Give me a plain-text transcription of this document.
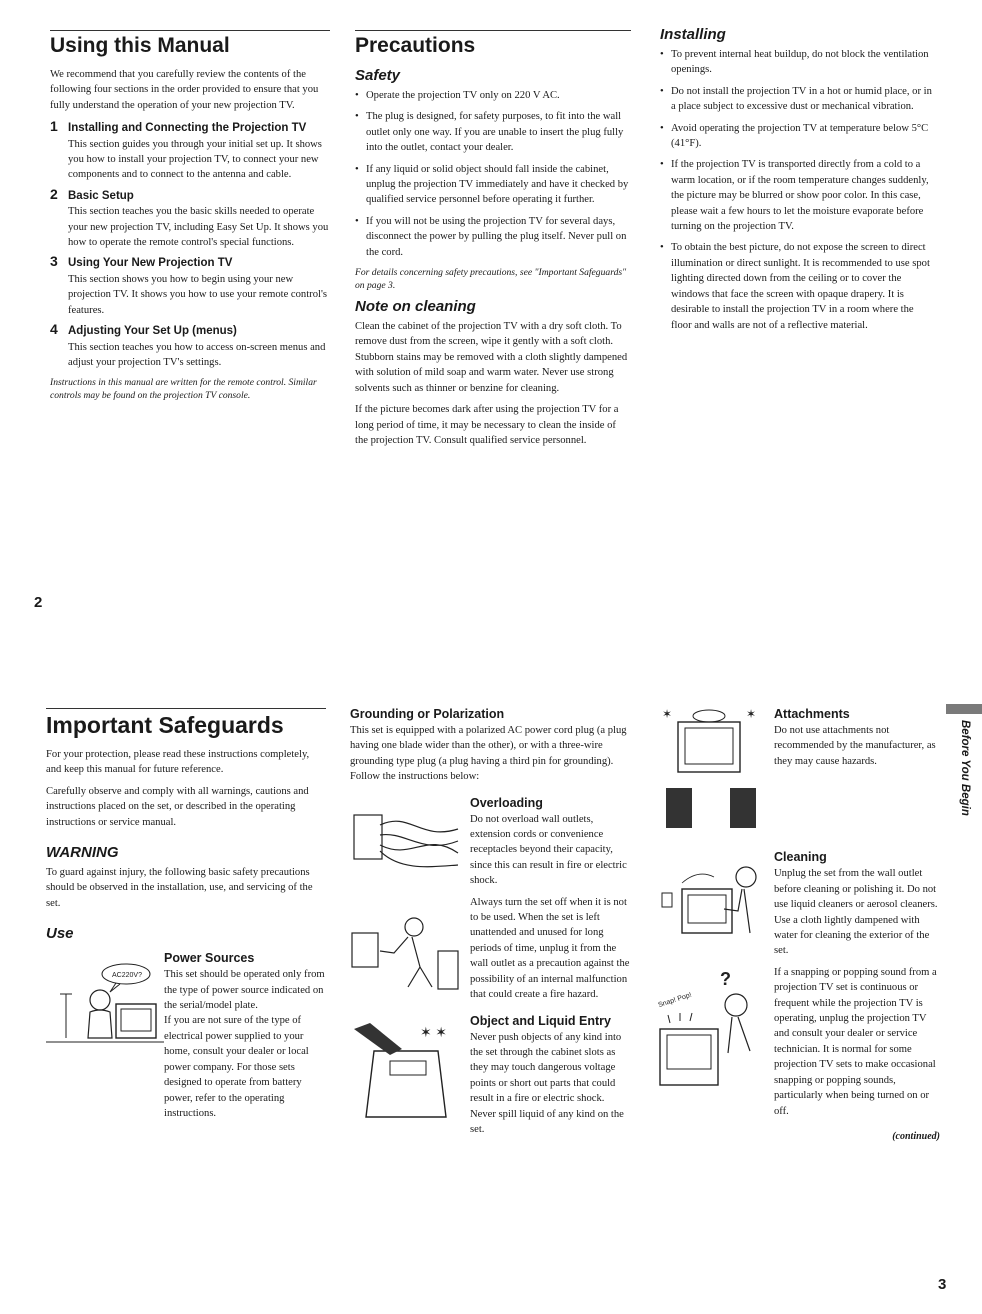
Using this Manual

We recommend that you carefully review the contents of the following four sections in the order provided to ensure that you fully understand the operation of your new projection TV.

1 Installing and Connecting the Projection TV
This section guides you through your initial set up. It shows you how to install your projection TV, to connect your new components and to connect to the antenna and cable.
2 Basic Setup
This section teaches you the basic skills needed to operate your new projection TV, including Easy Set Up. It shows you how to operate the remote control's special functions.
3 Using Your New Projection TV
This section shows you how to begin using your new projection TV. It shows you how to use your remote control's features.
4 Adjusting Your Set Up (menus)
This section teaches you how to access on-screen menus and adjust your projection TV's settings.

Instructions in this manual are written for the remote control. Similar controls may be found on the projection TV console.

Precautions
Safety
• Operate the projection TV only on 220 V AC.
• The plug is designed, for safety purposes, to fit into the wall outlet only one way. If you are unable to insert the plug fully into the outlet, contact your dealer.
• If any liquid or solid object should fall inside the cabinet, unplug the projection TV immediately and have it checked by qualified service personnel before operating it further.
• If you will not be using the projection TV for several days, disconnect the power by pulling the plug itself. Never pull on the cord.

For details concerning safety precautions, see "Important Safeguards" on page 3.

Note on cleaning

Clean the cabinet of the projection TV with a dry soft cloth. To remove dust from the screen, wipe it gently with a soft cloth. Stubborn stains may be removed with a cloth slightly dampened with solution of mild soap and warm water. Never use strong solvents such as thinner or benzine for cleaning.

If the picture becomes dark after using the projection TV for a long period of time, it may be necessary to clean the inside of the projection TV. Consult qualified service personnel.

Installing
• To prevent internal heat buildup, do not block the ventilation openings.
• Do not install the projection TV in a hot or humid place, or in a place subject to excessive dust or mechanical vibration.
• Avoid operating the projection TV at temperature below 5°C (41°F).
• If the projection TV is transported directly from a cold to a warm location, or if the room temperature changes suddenly, the picture may be blurred or show poor color. In this case, please wait a few hours to let the moisture evaporate before turning on the projection TV.
• To obtain the best picture, do not expose the screen to direct illumination or direct sunlight. It is recommended to use spot lighting directed down from the ceiling or to cover the windows that face the screen with opaque drapery. It is desirable to install the projection TV in a room where the floor and walls are not of a reflective material.
2
Before You Begin
Important Safeguards

For your protection, please read these instructions completely, and keep this manual for future reference.

Carefully observe and comply with all warnings, cautions and instructions placed on the set, or described in the operating instructions or service manual.

WARNING

To guard against injury, the following basic safety precautions should be observed in the installation, use, and servicing of the set.

Use
AC220V?
Power Sources

This set should be operated only from the type of power source indicated on the serial/model plate.

If you are not sure of the type of electrical power supplied to your home, consult your dealer or local power company. For those sets designed to operate from battery power, refer to the operating instructions.

Grounding or Polarization

This set is equipped with a polarized AC power cord plug (a plug having one blade wider than the other), or with a three-wire grounding type plug (a plug having a third pin for grounding).

Follow the instructions below:

Overloading

Do not overload wall outlets, extension cords or convenience receptacles beyond their capacity, since this can result in fire or electric shock.

Always turn the set off when it is not to be used. When the set is left unattended and unused for long periods of time, unplug it from the wall outlet as a precaution against the possibility of an internal malfunction that could create a fire hazard.

✶ ✶
Object and Liquid Entry

Never push objects of any kind into the set through the cabinet slots as they may touch dangerous voltage points or short out parts that could result in a fire or electric shock. Never spill liquid of any kind on the set.

✶	✶ Attachments

Do not use attachments not recommended by the manufacturer, as they may cause hazards.

Cleaning

Unplug the set from the wall outlet before cleaning or polishing it. Do not use liquid cleaners or aerosol cleaners. Use a cloth lightly dampened with water for cleaning the exterior of the set.

?
Snap! Pop!

If a snapping or popping sound from a projection TV set is continuous or frequent while the projection TV is operating, unplug the projection TV and consult your dealer or service technician. It is normal for some projection TV sets to make occasional snapping or popping sounds, particularly when being turned on or off.

(continued)
3
